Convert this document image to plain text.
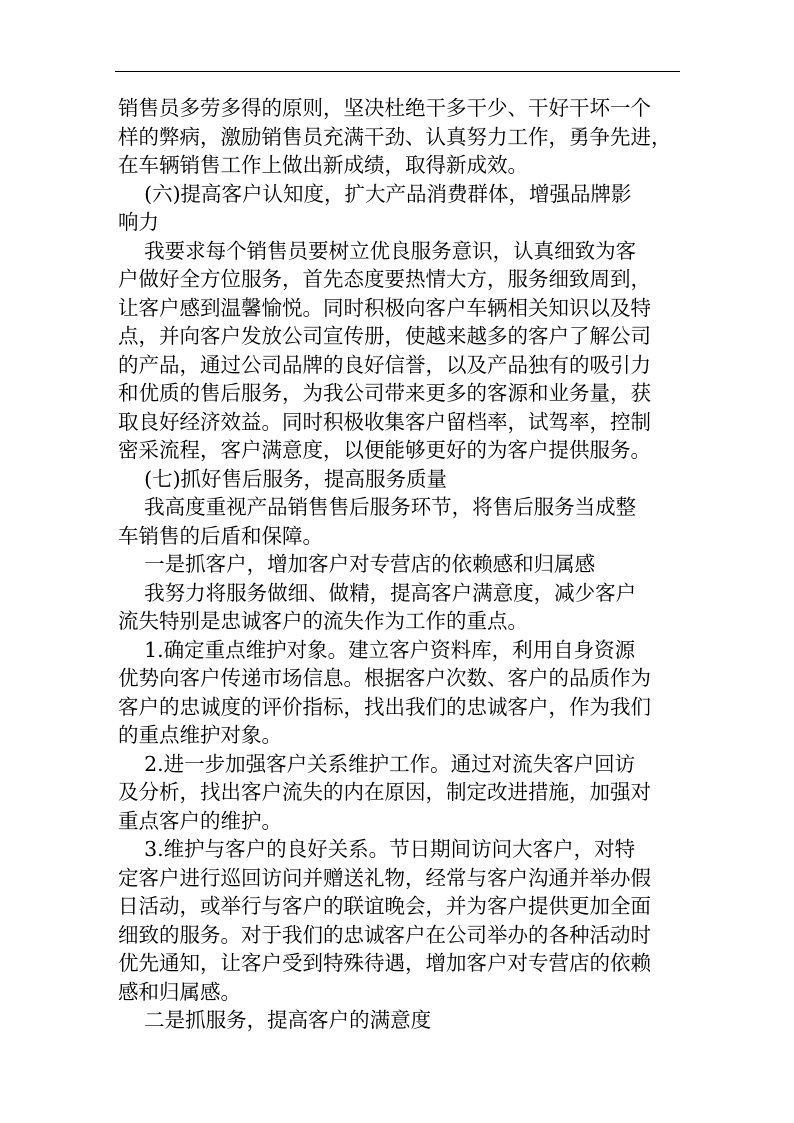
销售员多劳多得的原则，坚决杜绝干多干少、干好干坏一个

样的弊病，激励销售员充满干劲、认真努力工作，勇争先进，

在车辆销售工作上做出新成绩，取得新成效。

(六)提高客户认知度，扩大产品消费群体，增强品牌影

响力

我要求每个销售员要树立优良服务意识，认真细致为客

户做好全方位服务，首先态度要热情大方，服务细致周到，

让客户感到温馨愉悦。同时积极向客户车辆相关知识以及特

点，并向客户发放公司宣传册，使越来越多的客户了解公司

的产品，通过公司品牌的良好信誉，以及产品独有的吸引力

和优质的售后服务，为我公司带来更多的客源和业务量，获

取良好经济效益。同时积极收集客户留档率，试驾率，控制

密采流程，客户满意度，以便能够更好的为客户提供服务。

(七)抓好售后服务，提高服务质量

我高度重视产品销售售后服务环节，将售后服务当成整

车销售的后盾和保障。

一是抓客户，增加客户对专营店的依赖感和归属感

我努力将服务做细、做精，提高客户满意度，减少客户

流失特别是忠诚客户的流失作为工作的重点。

1.确定重点维护对象。建立客户资料库，利用自身资源

优势向客户传递市场信息。根据客户次数、客户的品质作为

客户的忠诚度的评价指标，找出我们的忠诚客户，作为我们

的重点维护对象。

2.进一步加强客户关系维护工作。通过对流失客户回访

及分析，找出客户流失的内在原因，制定改进措施，加强对

重点客户的维护。

3.维护与客户的良好关系。节日期间访问大客户，对特

定客户进行巡回访问并赠送礼物，经常与客户沟通并举办假

日活动，或举行与客户的联谊晚会，并为客户提供更加全面

细致的服务。对于我们的忠诚客户在公司举办的各种活动时

优先通知，让客户受到特殊待遇，增加客户对专营店的依赖

感和归属感。

二是抓服务，提高客户的满意度
